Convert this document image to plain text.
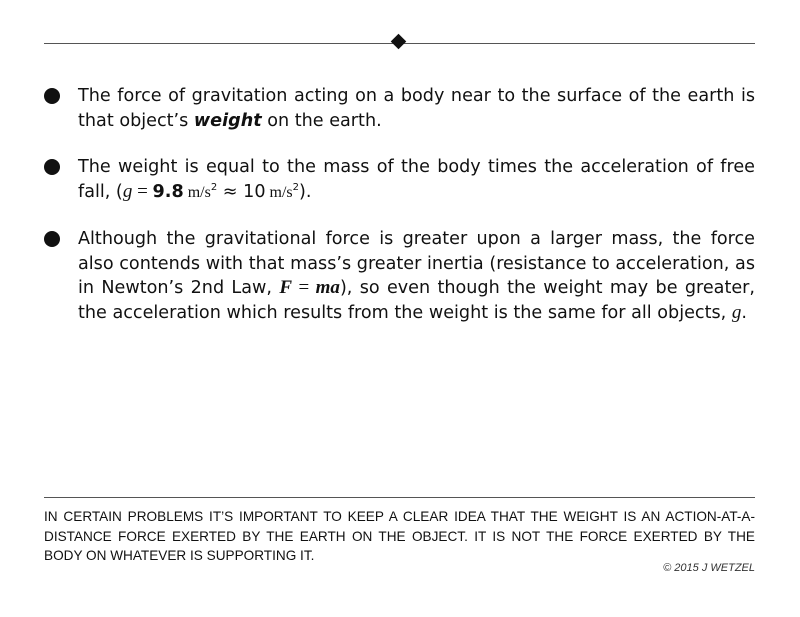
The force of gravitation acting on a body near to the surface of the earth is that object’s weight on the earth.
The weight is equal to the mass of the body times the acceleration of free fall, (g = 9.8 $m/s^2 \approx 10$ $m/s^2$).
Although the gravitational force is greater upon a larger mass, the force also contends with that mass’s greater inertia (resistance to acceleration, as in Newton’s 2nd Law, F = ma), so even though the weight may be greater, the acceleration which results from the weight is the same for all objects, g.
IN CERTAIN PROBLEMS IT’S IMPORTANT TO KEEP A CLEAR IDEA THAT THE WEIGHT IS AN ACTION-AT-A-DISTANCE FORCE EXERTED BY THE EARTH ON THE OBJECT. IT IS NOT THE FORCE EXERTED BY THE BODY ON WHATEVER IS SUPPORTING IT.
© 2015 J WETZEL
